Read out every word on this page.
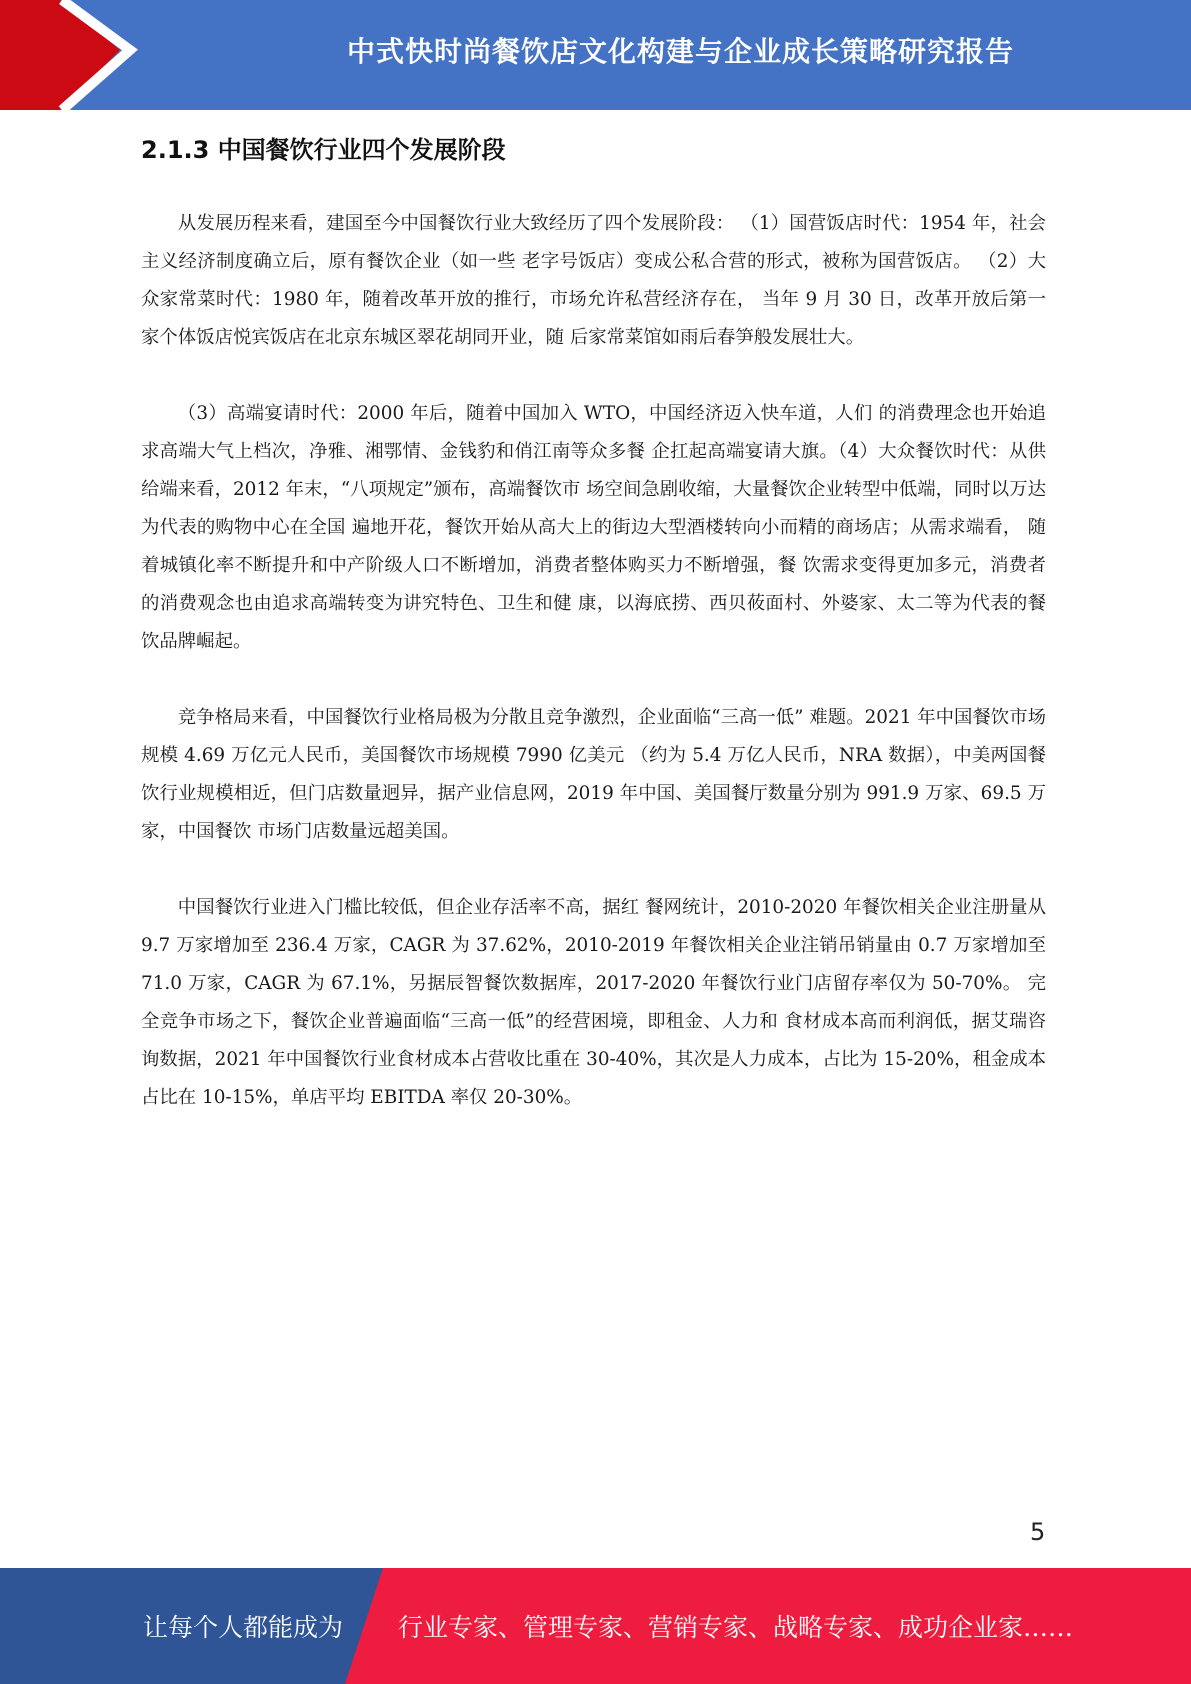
中式快时尚餐饮店文化构建与企业成长策略研究报告
2.1.3 中国餐饮行业四个发展阶段

从发展历程来看，建国至今中国餐饮行业大致经历了四个发展阶段： （1）国营饭店时代：1954 年，社会主义经济制度确立后，原有餐饮企业（如一些 老字号饭店）变成公私合营的形式，被称为国营饭店。 （2）大众家常菜时代：1980 年，随着改革开放的推行，市场允许私营经济存在， 当年 9 月 30 日，改革开放后第一家个体饭店悦宾饭店在北京东城区翠花胡同开业，随 后家常菜馆如雨后春笋般发展壮大。

（3）高端宴请时代：2000 年后，随着中国加入 WTO，中国经济迈入快车道，人们 的消费理念也开始追求高端大气上档次，净雅、湘鄂情、金钱豹和俏江南等众多餐 企扛起高端宴请大旗。（4）大众餐饮时代：从供给端来看，2012 年末，“八项规定”颁布，高端餐饮市 场空间急剧收缩，大量餐饮企业转型中低端，同时以万达为代表的购物中心在全国 遍地开花，餐饮开始从高大上的街边大型酒楼转向小而精的商场店；从需求端看， 随着城镇化率不断提升和中产阶级人口不断增加，消费者整体购买力不断增强，餐 饮需求变得更加多元，消费者的消费观念也由追求高端转变为讲究特色、卫生和健 康，以海底捞、西贝莜面村、外婆家、太二等为代表的餐饮品牌崛起。

竞争格局来看，中国餐饮行业格局极为分散且竞争激烈，企业面临“三高一低” 难题。2021 年中国餐饮市场规模 4.69 万亿元人民币，美国餐饮市场规模 7990 亿美元 （约为 5.4 万亿人民币，NRA 数据），中美两国餐饮行业规模相近，但门店数量迥异，据产业信息网，2019 年中国、美国餐厅数量分别为 991.9 万家、69.5 万家，中国餐饮 市场门店数量远超美国。

中国餐饮行业进入门槛比较低，但企业存活率不高，据红 餐网统计，2010-2020 年餐饮相关企业注册量从 9.7 万家增加至 236.4 万家，CAGR 为 37.62%，2010-2019 年餐饮相关企业注销吊销量由 0.7 万家增加至 71.0 万家，CAGR 为 67.1%，另据辰智餐饮数据库，2017-2020 年餐饮行业门店留存率仅为 50-70%。 完全竞争市场之下，餐饮企业普遍面临“三高一低”的经营困境，即租金、人力和 食材成本高而利润低，据艾瑞咨询数据，2021 年中国餐饮行业食材成本占营收比重在 30-40%，其次是人力成本，占比为 15-20%，租金成本占比在 10-15%，单店平均 EBITDA 率仅 20-30%。

5
让每个人都能成为 行业专家、管理专家、营销专家、战略专家、成功企业家……
